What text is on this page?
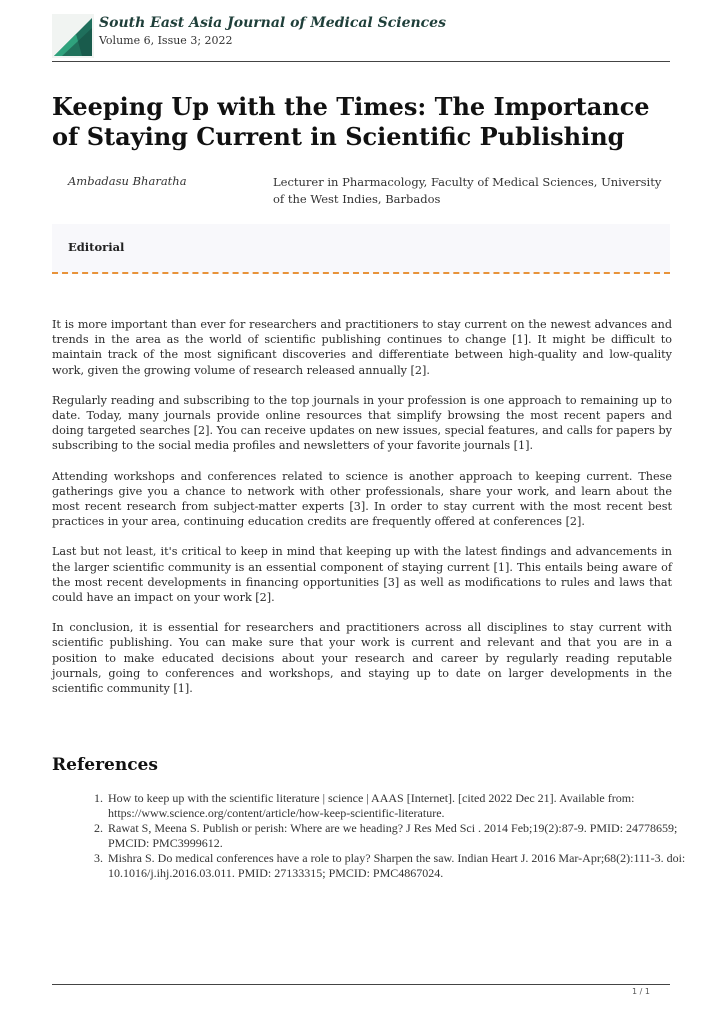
South East Asia Journal of Medical Sciences
Volume 6, Issue 3; 2022
Keeping Up with the Times: The Importance of Staying Current in Scientific Publishing
Ambadasu Bharatha	Lecturer in Pharmacology, Faculty of Medical Sciences, University of the West Indies, Barbados
Editorial

It is more important than ever for researchers and practitioners to stay current on the newest advances and trends in the area as the world of scientific publishing continues to change [1]. It might be difficult to maintain track of the most significant discoveries and differentiate between high-quality and low-quality work, given the growing volume of research released annually [2].

Regularly reading and subscribing to the top journals in your profession is one approach to remaining up to date. Today, many journals provide online resources that simplify browsing the most recent papers and doing targeted searches [2]. You can receive updates on new issues, special features, and calls for papers by subscribing to the social media profiles and newsletters of your favorite journals [1].

Attending workshops and conferences related to science is another approach to keeping current. These gatherings give you a chance to network with other professionals, share your work, and learn about the most recent research from subject-matter experts [3]. In order to stay current with the most recent best practices in your area, continuing education credits are frequently offered at conferences [2].

Last but not least, it's critical to keep in mind that keeping up with the latest findings and advancements in the larger scientific community is an essential component of staying current [1]. This entails being aware of the most recent developments in financing opportunities [3] as well as modifications to rules and laws that could have an impact on your work [2].

In conclusion, it is essential for researchers and practitioners across all disciplines to stay current with scientific publishing. You can make sure that your work is current and relevant and that you are in a position to make educated decisions about your research and career by regularly reading reputable journals, going to conferences and workshops, and staying up to date on larger developments in the scientific community [1].

References
1. How to keep up with the scientific literature | science | AAAS [Internet]. [cited 2022 Dec 21]. Available from: https://www.science.org/content/article/how-keep-scientific-literature.
2. Rawat S, Meena S. Publish or perish: Where are we heading? J Res Med Sci . 2014 Feb;19(2):87-9. PMID: 24778659; PMCID: PMC3999612.
3. Mishra S. Do medical conferences have a role to play? Sharpen the saw. Indian Heart J. 2016 Mar-Apr;68(2):111-3. doi: 10.1016/j.ihj.2016.03.011. PMID: 27133315; PMCID: PMC4867024.
1 / 1
